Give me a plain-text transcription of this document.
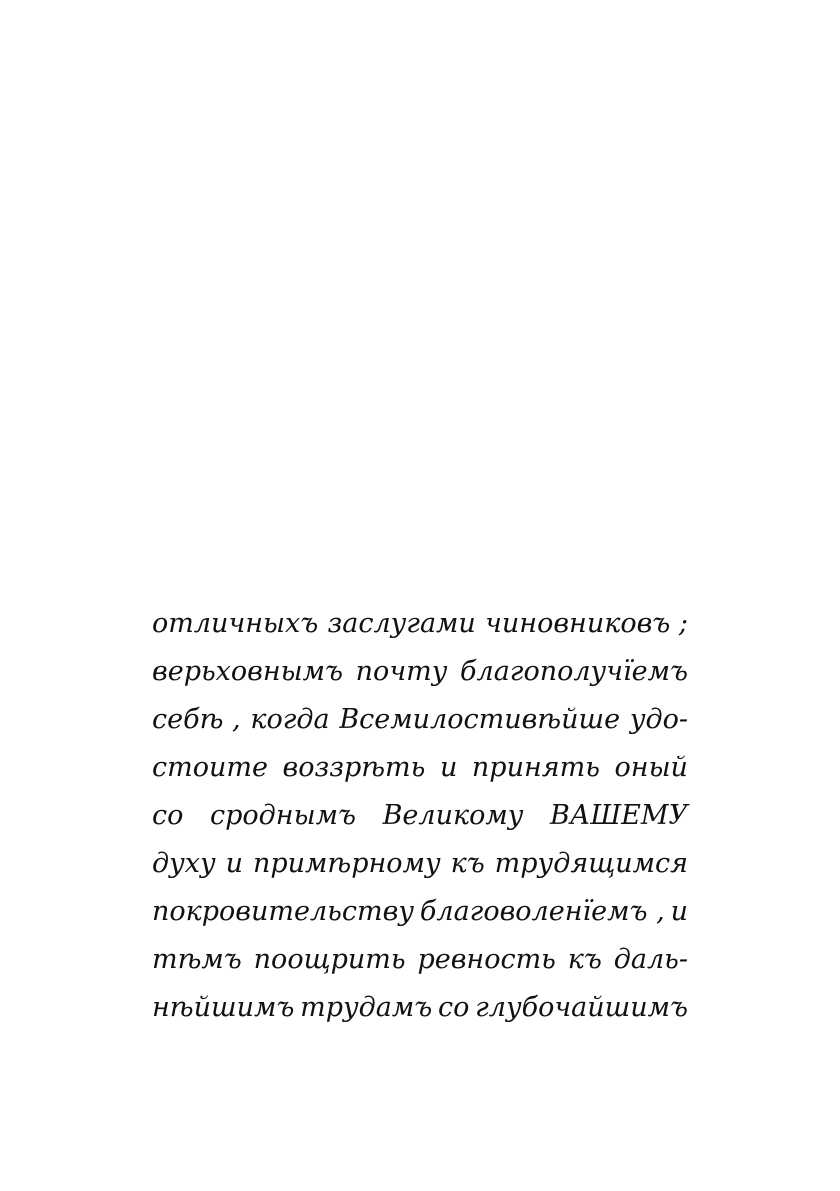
отличныхъ заслугами чиновниковъ ;
верьховнымъ почту благополучїемъ
себѣ , когда Всемилостивѣйше удо-
стоите воззрѣть и принять оный
со сроднымъ Великому ВАШЕМУ
духу и примѣрному къ трудящимся
покровительству благоволенїемъ , и
тѣмъ поощрить ревность къ даль-
нѣйшимъ трудамъ со глубочайшимъ
